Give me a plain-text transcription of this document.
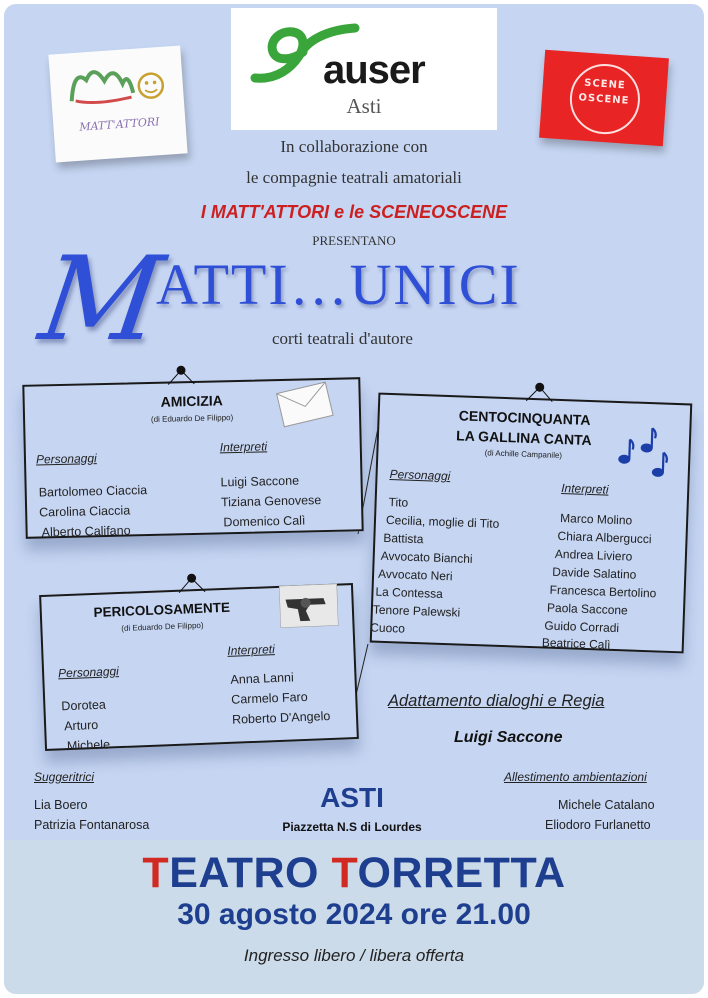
auser
Asti
MATT'ATTORI
SCENE
OSCENE
In collaborazione con
le compagnie teatrali amatoriali
I MATT'ATTORI e le SCENEOSCENE
PRESENTANO
M
ATTI…UNICI
corti teatrali d'autore
AMICIZIA
(di Eduardo De Filippo)
Personaggi
Interpreti
Bartolomeo Ciaccia
Carolina Ciaccia
Alberto Califano
Luigi Saccone
Tiziana Genovese
Domenico Calì
CENTOCINQUANTA
LA GALLINA CANTA
(di Achille Campanile)
Personaggi
Interpreti
Tito
Cecilia, moglie di Tito
Battista
Avvocato Bianchi
Avvocato Neri
La Contessa
Tenore Palewski
Cuoco
Marco Molino
Chiara Albergucci
Andrea Liviero
Davide Salatino
Francesca Bertolino
Paola Saccone
Guido Corradi
Beatrice Calì
PERICOLOSAMENTE
(di Eduardo De Filippo)
Personaggi
Interpreti
Dorotea
Arturo
Michele
Anna Lanni
Carmelo Faro
Roberto D'Angelo
Adattamento dialoghi e Regia
Luigi Saccone
Suggeritrici
Lia Boero
Patrizia Fontanarosa
ASTI
Piazzetta N.S di Lourdes
Allestimento ambientazioni
Michele Catalano
Eliodoro Furlanetto
TEATRO TORRETTA
30 agosto 2024 ore 21.00
Ingresso libero / libera offerta
